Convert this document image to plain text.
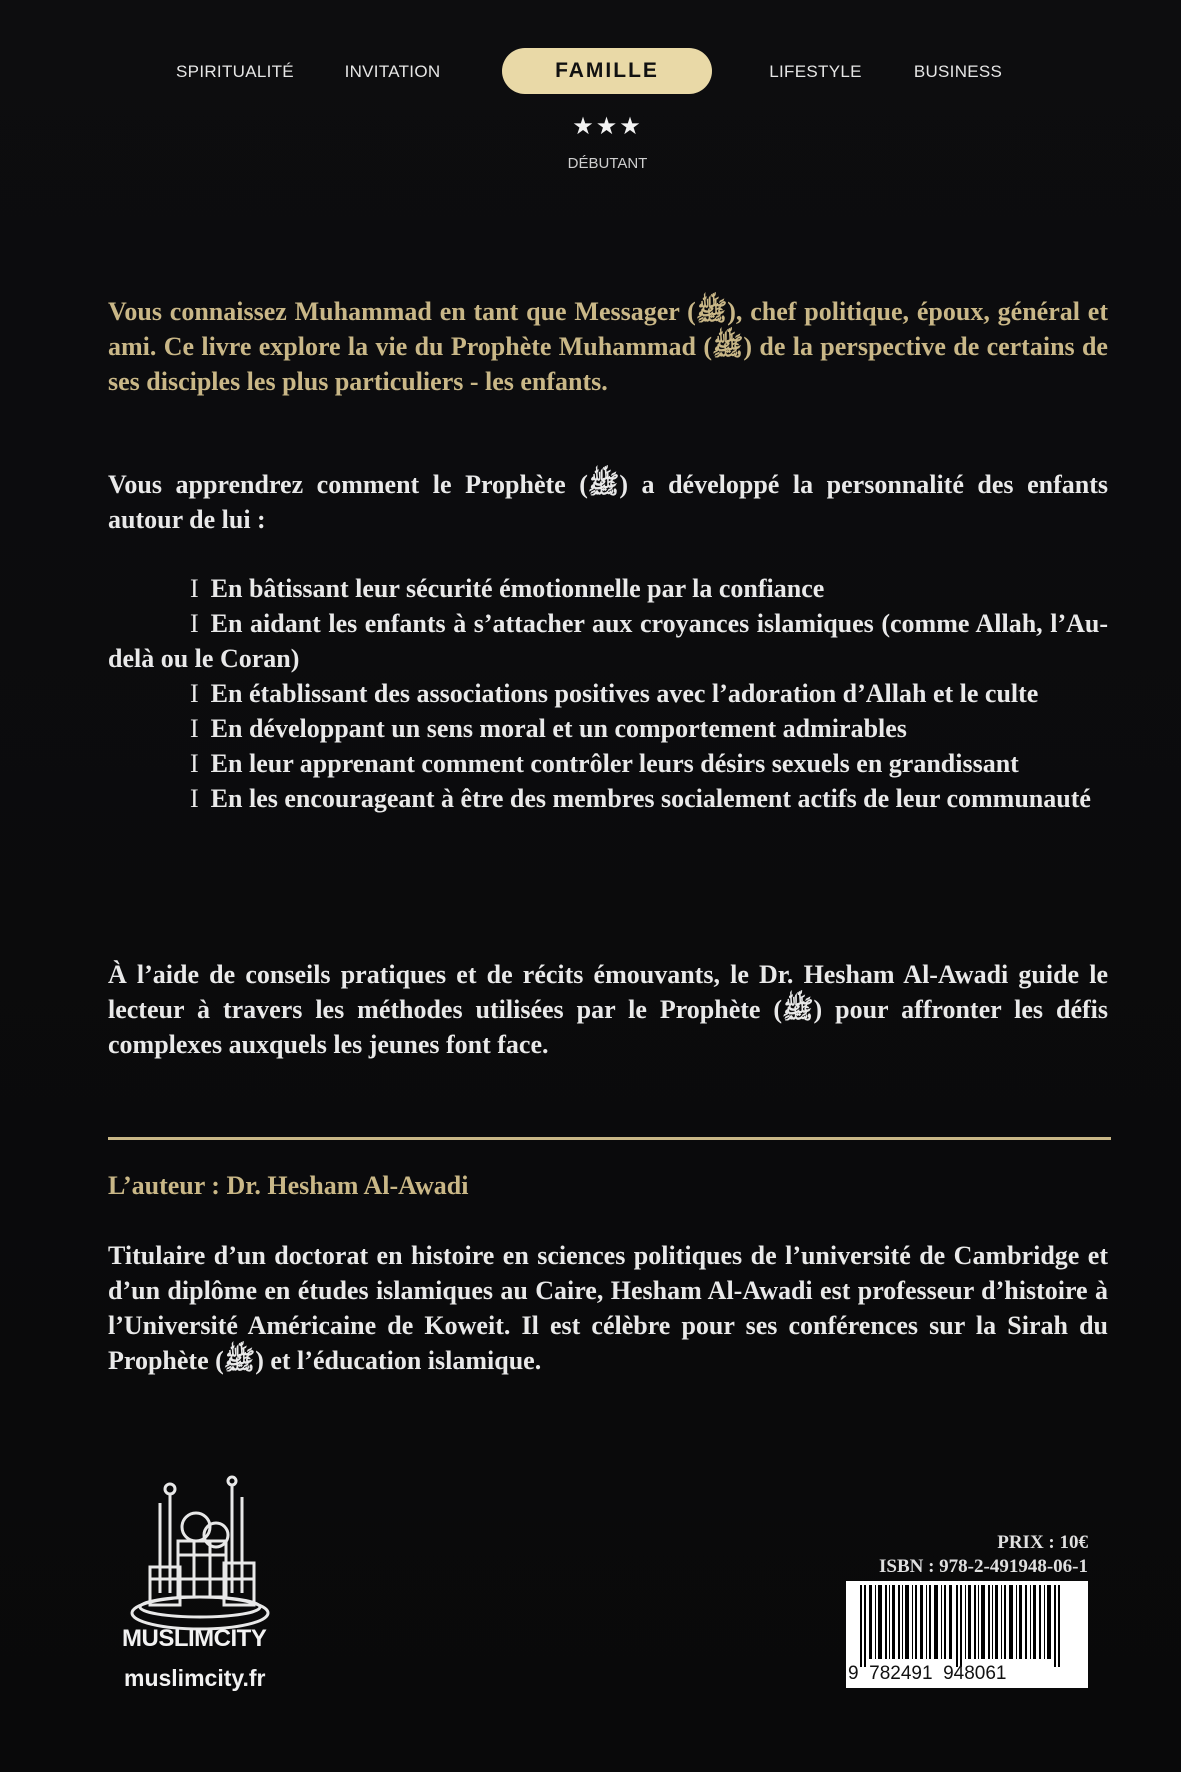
SPIRITUALITÉ	INVITATION	FAMILLE	LIFESTYLE	BUSINESS
★★★
DÉBUTANT

Vous connaissez Muhammad en tant que Messager (ﷺ), chef politique, époux, général et ami. Ce livre explore la vie du Prophète Muhammad (ﷺ) de la perspective de certains de ses disciples les plus particuliers - les enfants.

Vous apprendrez comment le Prophète (ﷺ) a développé la personnalité des enfants autour de lui :

I En bâtissant leur sécurité émotionnelle par la confiance

I En aidant les enfants à s’attacher aux croyances islamiques (comme Allah, l’Au-delà ou le Coran)

I En établissant des associations positives avec l’adoration d’Allah et le culte

I En développant un sens moral et un comportement admirables

I En leur apprenant comment contrôler leurs désirs sexuels en grandissant

I En les encourageant à être des membres socialement actifs de leur communauté

À l’aide de conseils pratiques et de récits émouvants, le Dr. Hesham Al-Awadi guide le lecteur à travers les méthodes utilisées par le Prophète (ﷺ) pour affronter les défis complexes auxquels les jeunes font face.

L’auteur : Dr. Hesham Al-Awadi

Titulaire d’un doctorat en histoire en sciences politiques de l’université de Cambridge et d’un diplôme en études islamiques au Caire, Hesham Al-Awadi est professeur d’histoire à l’Université Américaine de Koweit. Il est célèbre pour ses conférences sur la Sirah du Prophète (ﷺ) et l’éducation islamique.

MUSLIMCITY
muslimcity.fr
PRIX : 10€
ISBN : 978-2-491948-06-1
9  782491  948061
